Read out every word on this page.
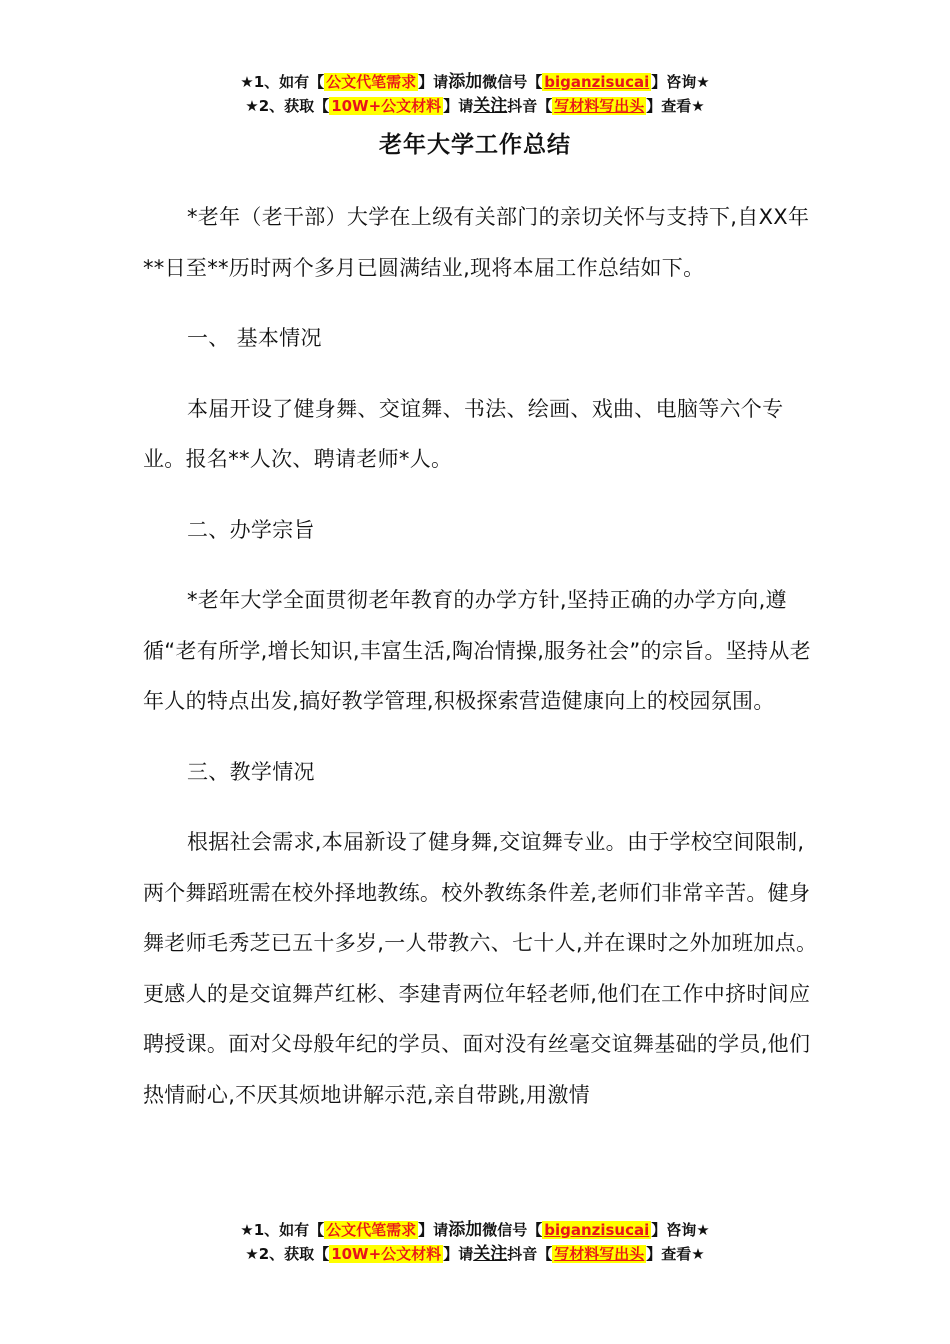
★1、如有【 公文代笔需求 】请添加微信号【 biganzisucai 】咨询★
★2、获取【 10W+公文材料 】请关注抖音【 写材料写出头 】查看★
老年大学工作总结

*老年（老干部）大学在上级有关部门的亲切关怀与支持下,自XX年**日至**历时两个多月已圆满结业,现将本届工作总结如下。

一、 基本情况

本届开设了健身舞、交谊舞、书法、绘画、戏曲、电脑等六个专业。报名**人次、聘请老师*人。

二、办学宗旨

*老年大学全面贯彻老年教育的办学方针,坚持正确的办学方向,遵循“老有所学,增长知识,丰富生活,陶冶情操,服务社会”的宗旨。坚持从老年人的特点出发,搞好教学管理,积极探索营造健康向上的校园氛围。

三、教学情况

根据社会需求,本届新设了健身舞,交谊舞专业。由于学校空间限制,两个舞蹈班需在校外择地教练。校外教练条件差,老师们非常辛苦。健身舞老师毛秀芝已五十多岁,一人带教六、七十人,并在课时之外加班加点。更感人的是交谊舞芦红彬、李建青两位年轻老师,他们在工作中挤时间应聘授课。面对父母般年纪的学员、面对没有丝毫交谊舞基础的学员,他们热情耐心,不厌其烦地讲解示范,亲自带跳,用激情

★1、如有【 公文代笔需求 】请添加微信号【 biganzisucai 】咨询★
★2、获取【 10W+公文材料 】请关注抖音【 写材料写出头 】查看★
